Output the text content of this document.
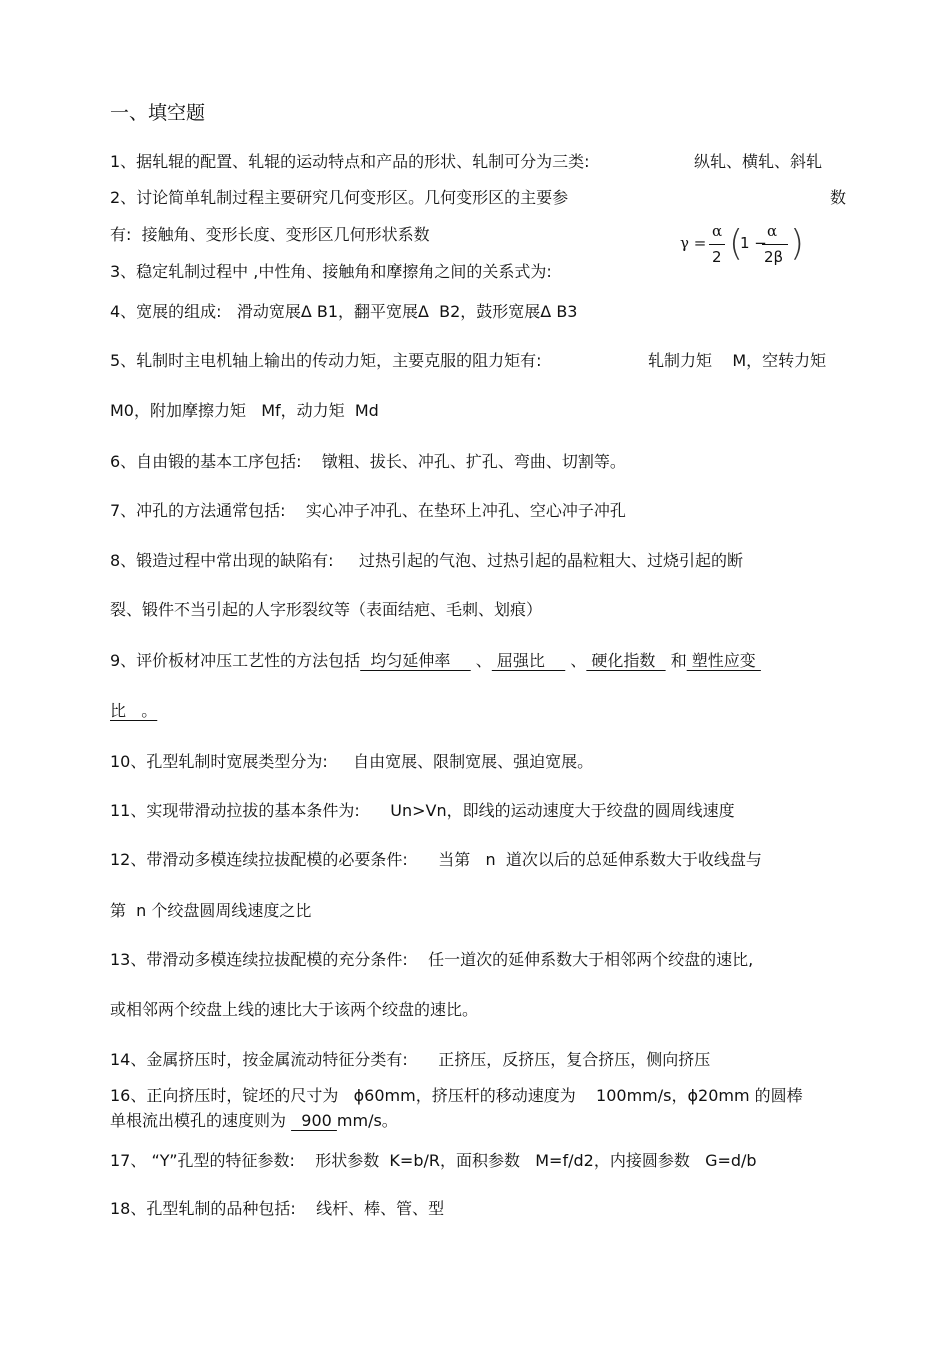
一、填空题
1、据轧辊的配置、轧辊的运动特点和产品的形状、轧制可分为三类:	纵轧、横轧、斜轧
2、讨论简单轧制过程主要研究几何变形区。几何变形区的主要参	数
有:  接触角、变形长度、变形区几何形状系数	γ =
α
2 (
1 −
α
2β )
3、稳定轧制过程中 ,中性角、接触角和摩擦角之间的关系式为:
4、宽展的组成:   滑动宽展Δ B1，翻平宽展Δ  B2，鼓形宽展Δ B3
5、轧制时主电机轴上输出的传动力矩，主要克服的阻力矩有:	轧制力矩    M，空转力矩
M0，附加摩擦力矩   Mf，动力矩  Md
6、自由锻的基本工序包括:    镦粗、拔长、冲孔、扩孔、弯曲、切割等。
7、冲孔的方法通常包括:    实心冲子冲孔、在垫环上冲孔、空心冲子冲孔
8、锻造过程中常出现的缺陷有:     过热引起的气泡、过热引起的晶粒粗大、过烧引起的断
裂、锻件不当引起的人字形裂纹等（表面结疤、毛刺、划痕）
9、评价板材冲压工艺性的方法包括  均匀延伸率     、 屈强比     、 硬化指数   和 塑性应变
比   。
10、孔型轧制时宽展类型分为:     自由宽展、限制宽展、强迫宽展。
11、实现带滑动拉拔的基本条件为:      Un>Vn，即线的运动速度大于绞盘的圆周线速度
12、带滑动多模连续拉拔配模的必要条件:      当第   n  道次以后的总延伸系数大于收线盘与
第  n 个绞盘圆周线速度之比
13、带滑动多模连续拉拔配模的充分条件:    任一道次的延伸系数大于相邻两个绞盘的速比,
或相邻两个绞盘上线的速比大于该两个绞盘的速比。
14、金属挤压时，按金属流动特征分类有:      正挤压，反挤压，复合挤压，侧向挤压
16、正向挤压时，锭坯的尺寸为   ɸ60mm，挤压杆的移动速度为    100mm/s，ɸ20mm 的圆棒
单根流出模孔的速度则为   900 mm/s。
17、 “Y”孔型的特征参数:    形状参数  K=b/R，面积参数   M=f/d2，内接圆参数   G=d/b
18、孔型轧制的品种包括:    线杆、棒、管、型
